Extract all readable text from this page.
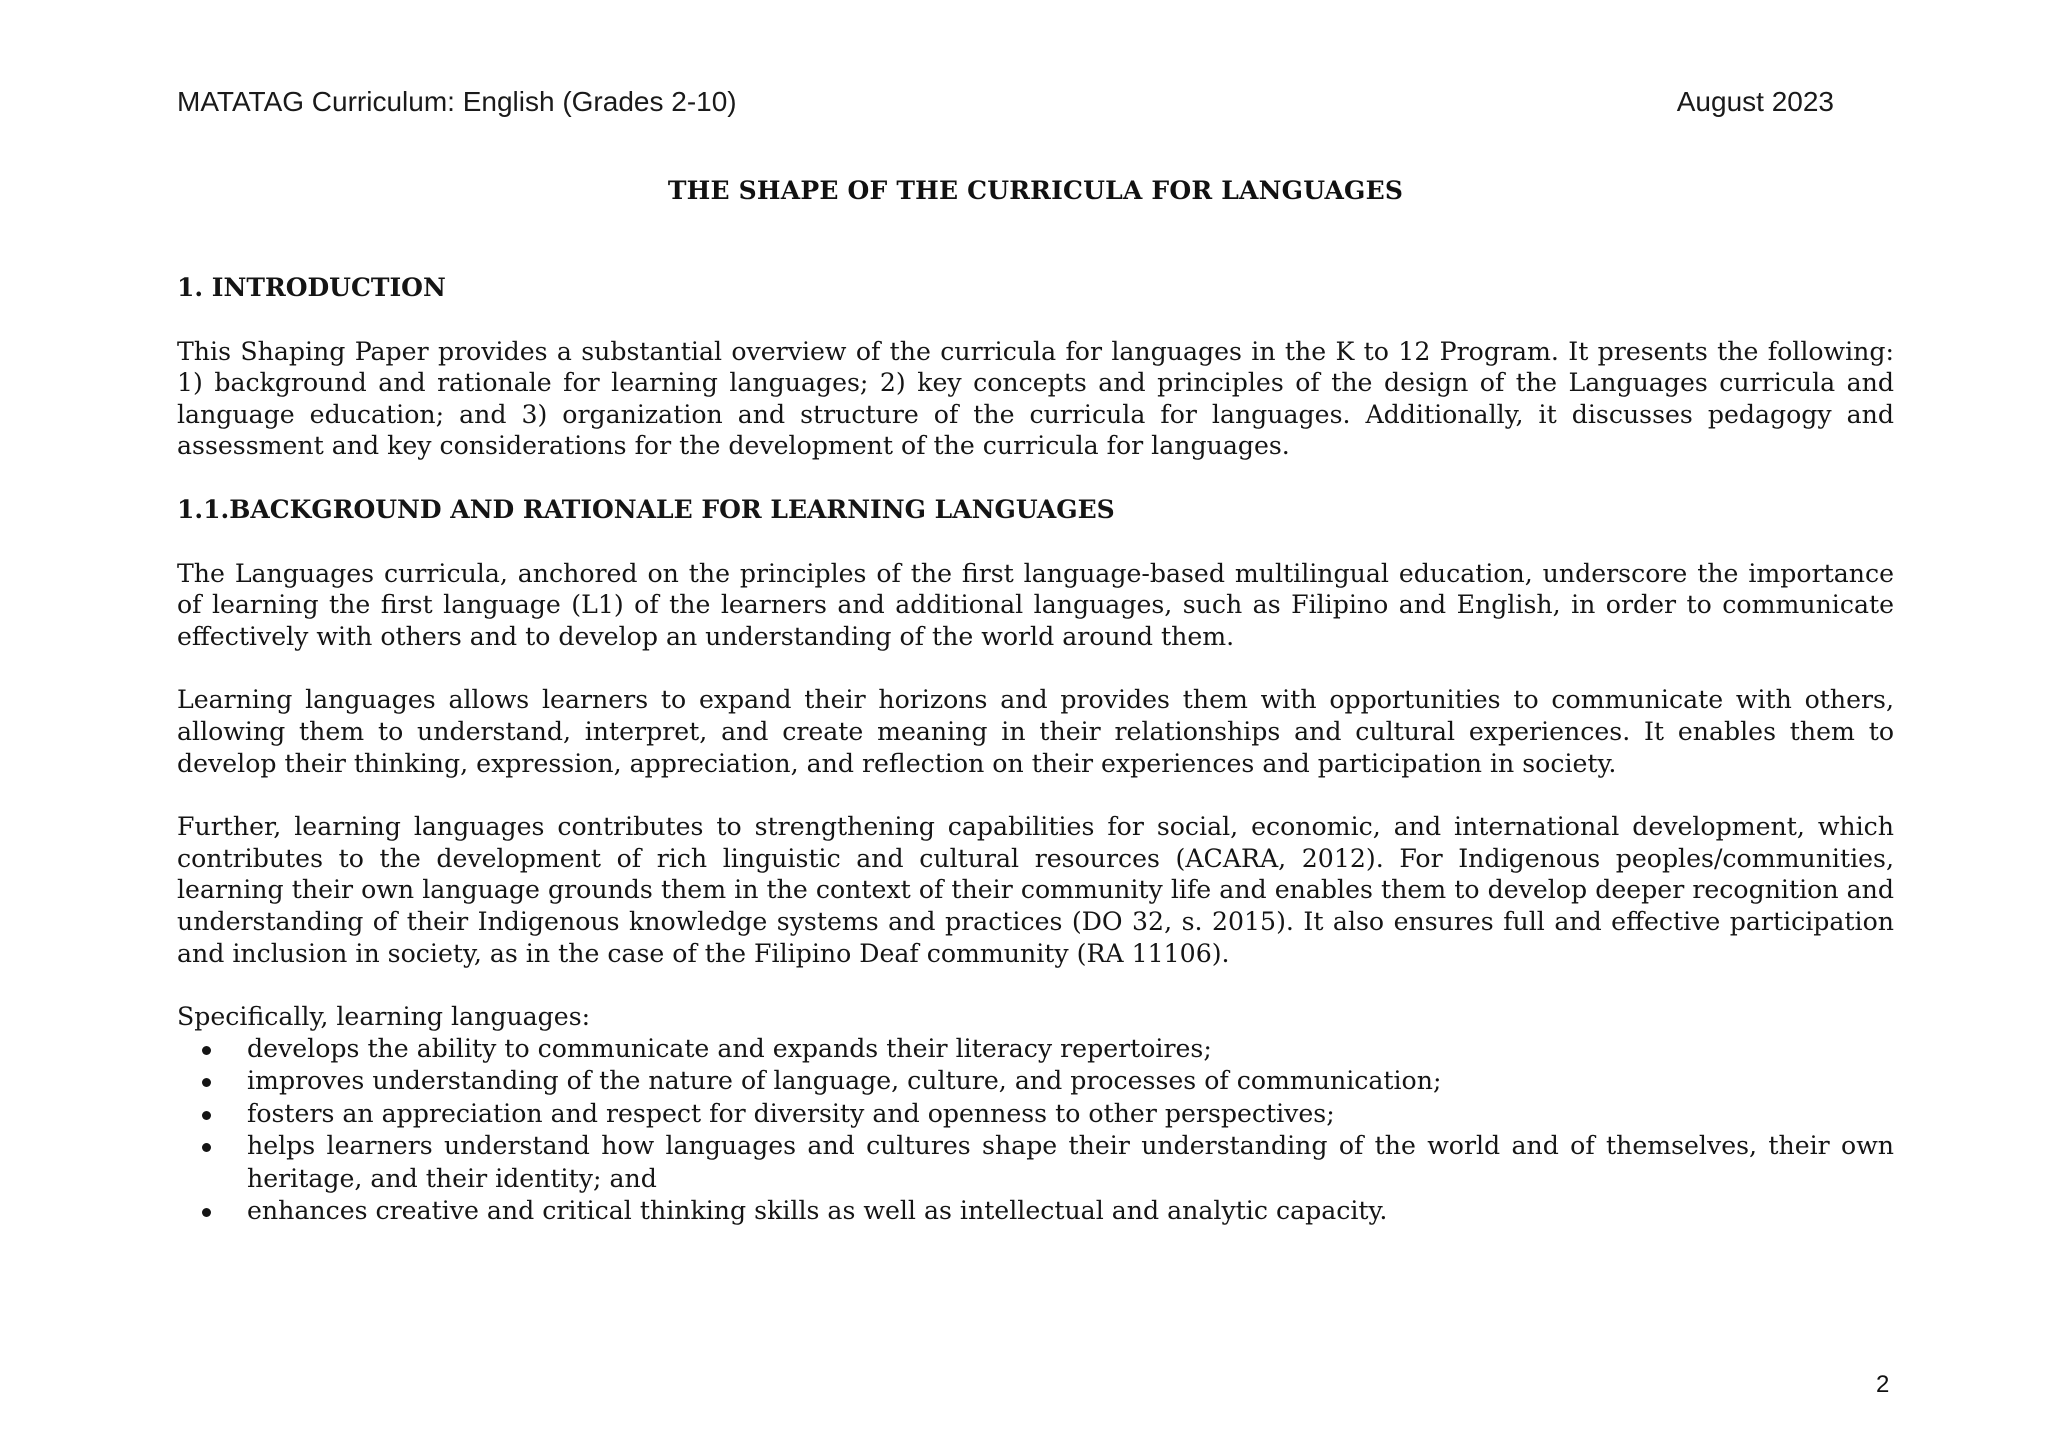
MATATAG Curriculum: English (Grades 2-10)	August 2023
THE SHAPE OF THE CURRICULA FOR LANGUAGES
1. INTRODUCTION

This Shaping Paper provides a substantial overview of the curricula for languages in the K to 12 Program. It presents the following: 1) background and rationale for learning languages; 2) key concepts and principles of the design of the Languages curricula and language education; and 3) organization and structure of the curricula for languages. Additionally, it discusses pedagogy and assessment and key considerations for the development of the curricula for languages.

1.1.BACKGROUND AND RATIONALE FOR LEARNING LANGUAGES

The Languages curricula, anchored on the principles of the first language-based multilingual education, underscore the importance of learning the first language (L1) of the learners and additional languages, such as Filipino and English, in order to communicate effectively with others and to develop an understanding of the world around them.

Learning languages allows learners to expand their horizons and provides them with opportunities to communicate with others, allowing them to understand, interpret, and create meaning in their relationships and cultural experiences. It enables them to develop their thinking, expression, appreciation, and reflection on their experiences and participation in society.

Further, learning languages contributes to strengthening capabilities for social, economic, and international development, which contributes to the development of rich linguistic and cultural resources (ACARA, 2012). For Indigenous peoples/communities, learning their own language grounds them in the context of their community life and enables them to develop deeper recognition and understanding of their Indigenous knowledge systems and practices (DO 32, s. 2015). It also ensures full and effective participation and inclusion in society, as in the case of the Filipino Deaf community (RA 11106).

Specifically, learning languages:

develops the ability to communicate and expands their literacy repertoires;
improves understanding of the nature of language, culture, and processes of communication;
fosters an appreciation and respect for diversity and openness to other perspectives;
helps learners understand how languages and cultures shape their understanding of the world and of themselves, their own heritage, and their identity; and
enhances creative and critical thinking skills as well as intellectual and analytic capacity.
2
